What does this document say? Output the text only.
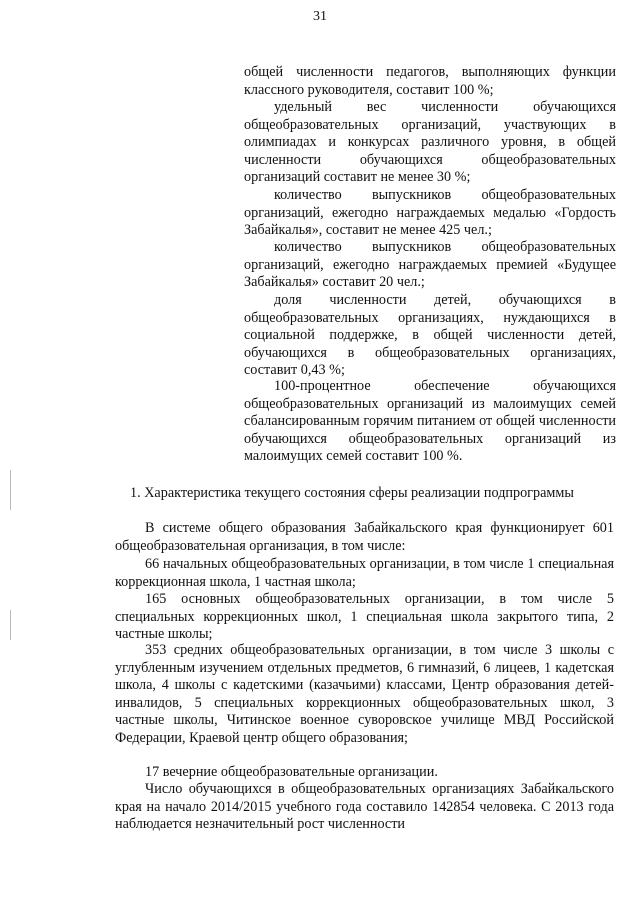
31

общей численности педагогов, выполняющих функции классного руководителя, составит 100 %;

удельный вес численности обучающихся общеобразовательных организаций, участвующих в олимпиадах и конкурсах различного уровня, в общей численности обучающихся общеобразовательных организаций составит не менее 30 %;

количество выпускников общеобразовательных организаций, ежегодно награждаемых медалью «Гордость Забайкалья», составит не менее 425 чел.;

количество выпускников общеобразовательных организаций, ежегодно награждаемых премией «Будущее Забайкалья» составит 20 чел.;

доля численности детей, обучающихся в общеобразовательных организациях, нуждающихся в социальной поддержке, в общей численности детей, обучающихся в общеобразовательных организациях, составит 0,43 %;

100-процентное обеспечение обучающихся общеобразовательных организаций из малоимущих семей сбалансированным горячим питанием от общей численности обучающихся общеобразовательных организаций из малоимущих семей составит 100 %.

1. Характеристика текущего состояния сферы реализации подпрограммы

В системе общего образования Забайкальского края функционирует 601 общеобразовательная организация, в том числе:

66 начальных общеобразовательных организации, в том числе 1 специальная коррекционная школа, 1 частная школа;

165 основных общеобразовательных организации, в том числе 5 специальных коррекционных школ, 1 специальная школа закрытого типа, 2 частные школы;

353 средних общеобразовательных организации, в том числе 3 школы с углубленным изучением отдельных предметов, 6 гимназий, 6 лицеев, 1 кадетская школа, 4 школы с кадетскими (казачьими) классами, Центр образования детей-инвалидов, 5 специальных коррекционных общеобразовательных школ, 3 частные школы, Читинское военное суворовское училище МВД Российской Федерации, Краевой центр общего образования;

17 вечерние общеобразовательные организации.

Число обучающихся в общеобразовательных организациях Забайкальского края на начало 2014/2015 учебного года составило 142854 человека. С 2013 года наблюдается незначительный рост численности
